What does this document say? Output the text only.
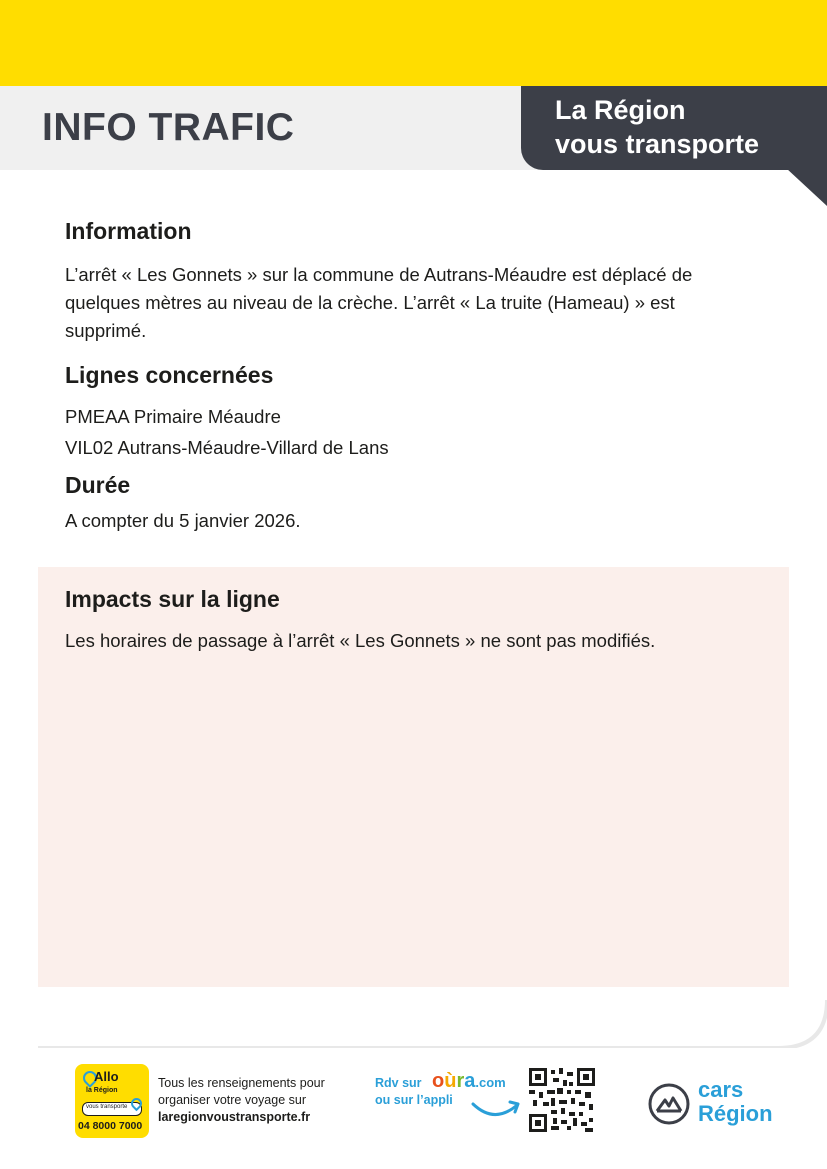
INFO TRAFIC	La Région
vous transporte
Information
L’arrêt « Les Gonnets » sur la commune de Autrans-Méaudre est déplacé de
quelques mètres au niveau de la crèche. L’arrêt « La truite (Hameau) » est
supprimé.
Lignes concernées
PMEAA Primaire Méaudre
VIL02 Autrans-Méaudre-Villard de Lans
Durée
A compter du 5 janvier 2026.
Impacts sur la ligne
Les horaires de passage à l’arrêt « Les Gonnets » ne sont pas modifiés.
Allo
la Région
vous transporte
04 8000 7000
Tous les renseignements pour
organiser votre voyage sur
laregionvoustransporte.fr
Rdv sur
ou sur l’appli
oùra.com	cars
Région
